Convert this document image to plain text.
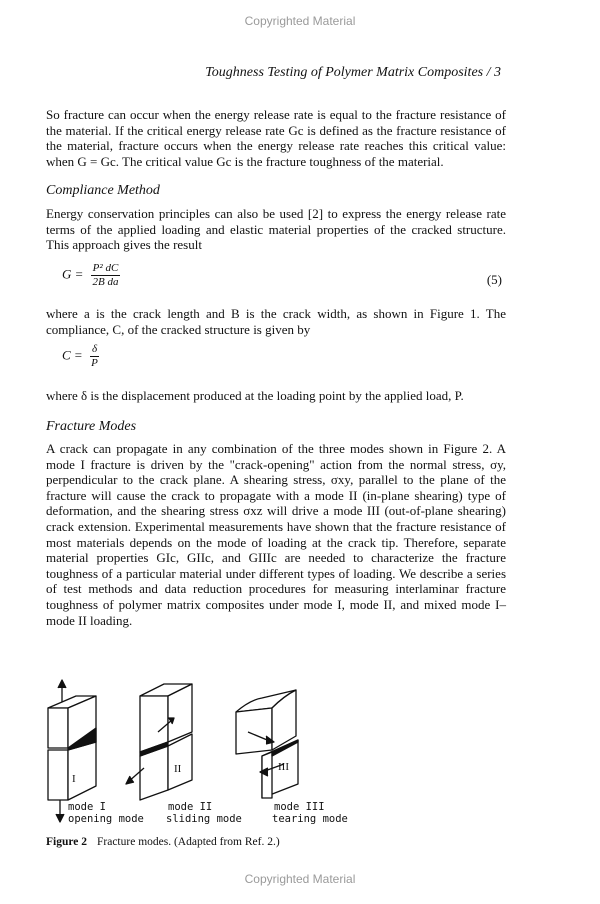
Copyrighted Material
Toughness Testing of Polymer Matrix Composites / 3

So fracture can occur when the energy release rate is equal to the fracture resistance of the material. If the critical energy release rate Gc is defined as the fracture resistance of the material, fracture occurs when the energy release rate reaches this critical value: when G = Gc. The critical value Gc is the fracture toughness of the material.

Compliance Method

Energy conservation principles can also be used [2] to express the energy release rate terms of the applied loading and elastic material properties of the cracked structure. This approach gives the result

$G = \frac{\text{P² dC}}{\text{2B da}}$	(5)

where a is the crack length and B is the crack width, as shown in Figure 1. The compliance, C, of the cracked structure is given by

$C = \frac{\delta}{P}$

where δ is the displacement produced at the loading point by the applied load, P.

Fracture Modes

A crack can propagate in any combination of the three modes shown in Figure 2. A mode I fracture is driven by the "crack-opening" action from the normal stress, σy, perpendicular to the crack plane. A shearing stress, σxy, parallel to the plane of the fracture will cause the crack to propagate with a mode II (in-plane shearing) type of deformation, and the shearing stress σxz will drive a mode III (out-of-plane shearing) crack extension. Experimental measurements have shown that the fracture resistance of most materials depends on the mode of loading at the crack tip. Therefore, separate material properties GIc, GIIc, and GIIIc are needed to characterize the fracture toughness of a particular material under different types of loading. We describe a series of test methods and data reduction procedures for measuring interlaminar fracture toughness of polymer matrix composites under mode I, mode II, and mixed mode I–mode II loading.

I
II	III
mode I
opening mode
mode II
sliding mode
mode III
tearing mode
Figure 2 Fracture modes. (Adapted from Ref. 2.)
Copyrighted Material
